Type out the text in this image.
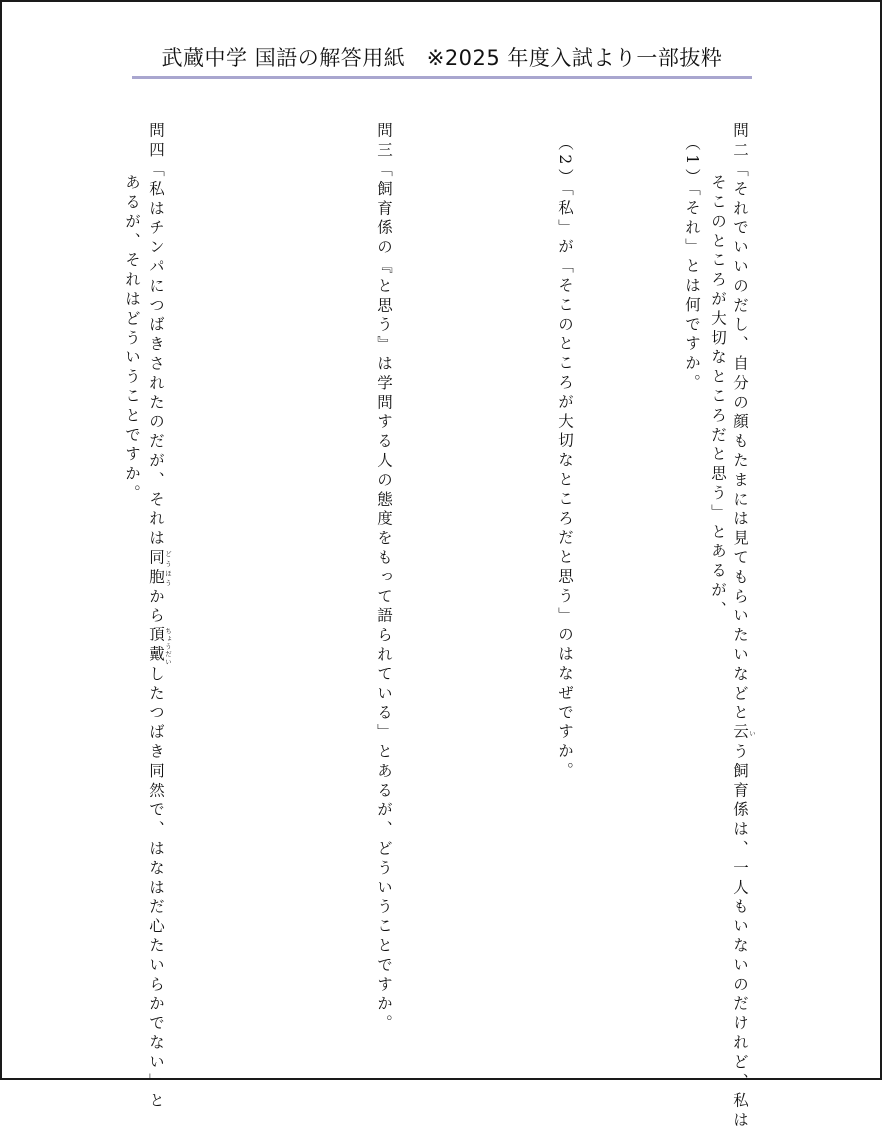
武蔵中学 国語の解答用紙　※2025 年度入試より一部抜粋
問二「それでいいのだし、自分の顔もたまには見てもらいたいなどと云 いう飼育係は、一人もいないのだけれど、私は
そこのところが大切なところだと思う」とあるが、
（1）「それ」とは何ですか。
（2）「私」が「そこのところが大切なところだと思う」のはなぜですか。
問三「飼育係の『と思う』は学問する人の態度をもって語られている」とあるが、どういうことですか。
問四「私はチンパにつばきされたのだが、それは同胞 どうほうから頂戴 ちょうだいしたつばき同然で、はなはだ心たいらかでない」と
あるが、それはどういうことですか。
